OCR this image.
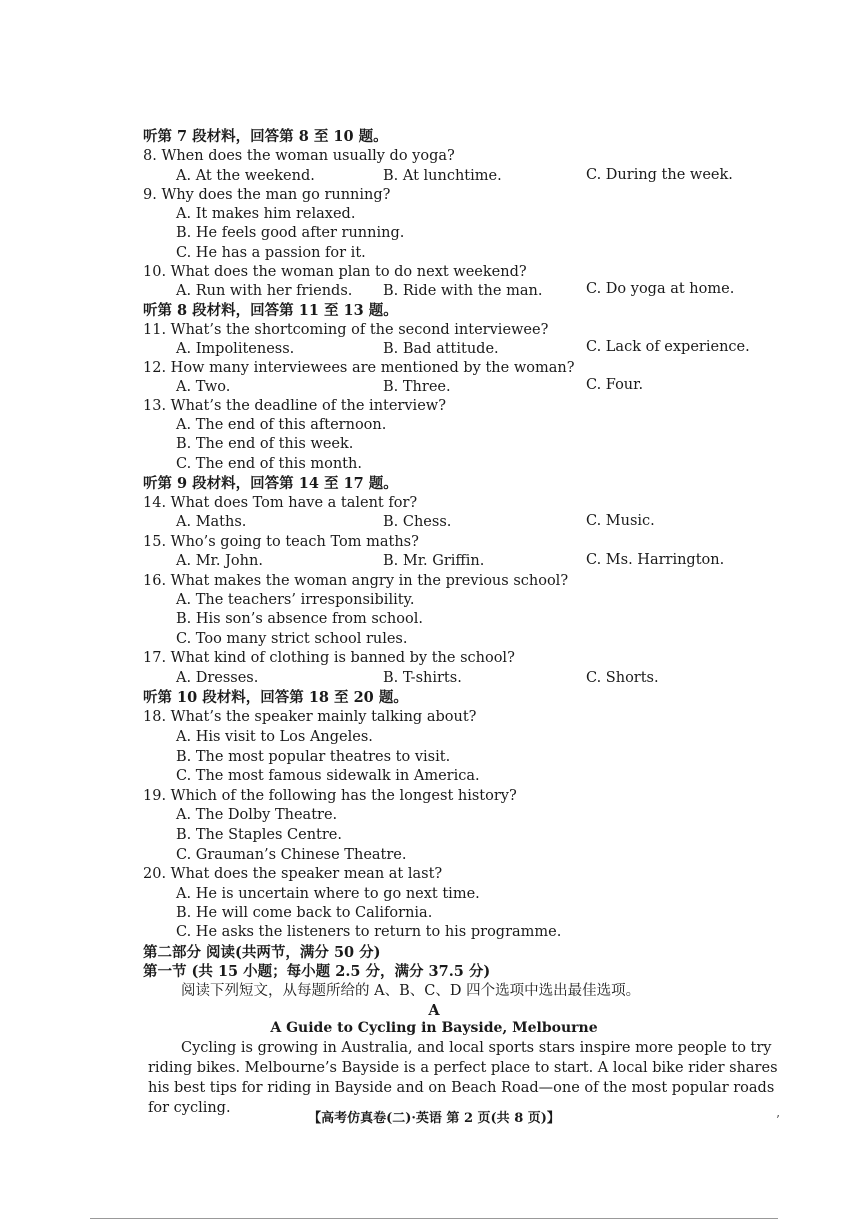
听第 7 段材料，回答第 8 至 10 题。
8. When does the woman usually do yoga?
A. At the weekend.	B. At lunchtime.	C. During the week.
9. Why does the man go running?
A. It makes him relaxed.
B. He feels good after running.
C. He has a passion for it.
10. What does the woman plan to do next weekend?
A. Run with her friends. B. Ride with the man.	C. Do yoga at home.
听第 8 段材料，回答第 11 至 13 题。
11. What’s the shortcoming of the second interviewee?
A. Impoliteness.	B. Bad attitude.	C. Lack of experience.
12. How many interviewees are mentioned by the woman?
A. Two.	B. Three.	C. Four.
13. What’s the deadline of the interview?
A. The end of this afternoon.
B. The end of this week.
C. The end of this month.
听第 9 段材料，回答第 14 至 17 题。
14. What does Tom have a talent for?
A. Maths.	B. Chess.	C. Music.
15. Who’s going to teach Tom maths?
A. Mr. John.	B. Mr. Griffin.	C. Ms. Harrington.
16. What makes the woman angry in the previous school?
A. The teachers’ irresponsibility.
B. His son’s absence from school.
C. Too many strict school rules.
17. What kind of clothing is banned by the school?
A. Dresses.	B. T-shirts.	C. Shorts.
听第 10 段材料，回答第 18 至 20 题。
18. What’s the speaker mainly talking about?
A. His visit to Los Angeles.
B. The most popular theatres to visit.
C. The most famous sidewalk in America.
19. Which of the following has the longest history?
A. The Dolby Theatre.
B. The Staples Centre.
C. Grauman’s Chinese Theatre.
20. What does the speaker mean at last?
A. He is uncertain where to go next time.
B. He will come back to California.
C. He asks the listeners to return to his programme.
第二部分 阅读(共两节，满分 50 分)
第一节 (共 15 小题；每小题 2.5 分，满分 37.5 分)
阅读下列短文，从每题所给的 A、B、C、D 四个选项中选出最佳选项。
A
A Guide to Cycling in Bayside, Melbourne
Cycling is growing in Australia, and local sports stars inspire more people to try riding bikes. Melbourne’s Bayside is a perfect place to start. A local bike rider shares his best tips for riding in Bayside and on Beach Road—one of the most popular roads for cycling.
【高考仿真卷(二)·英语 第 2 页(共 8 页)】	’
